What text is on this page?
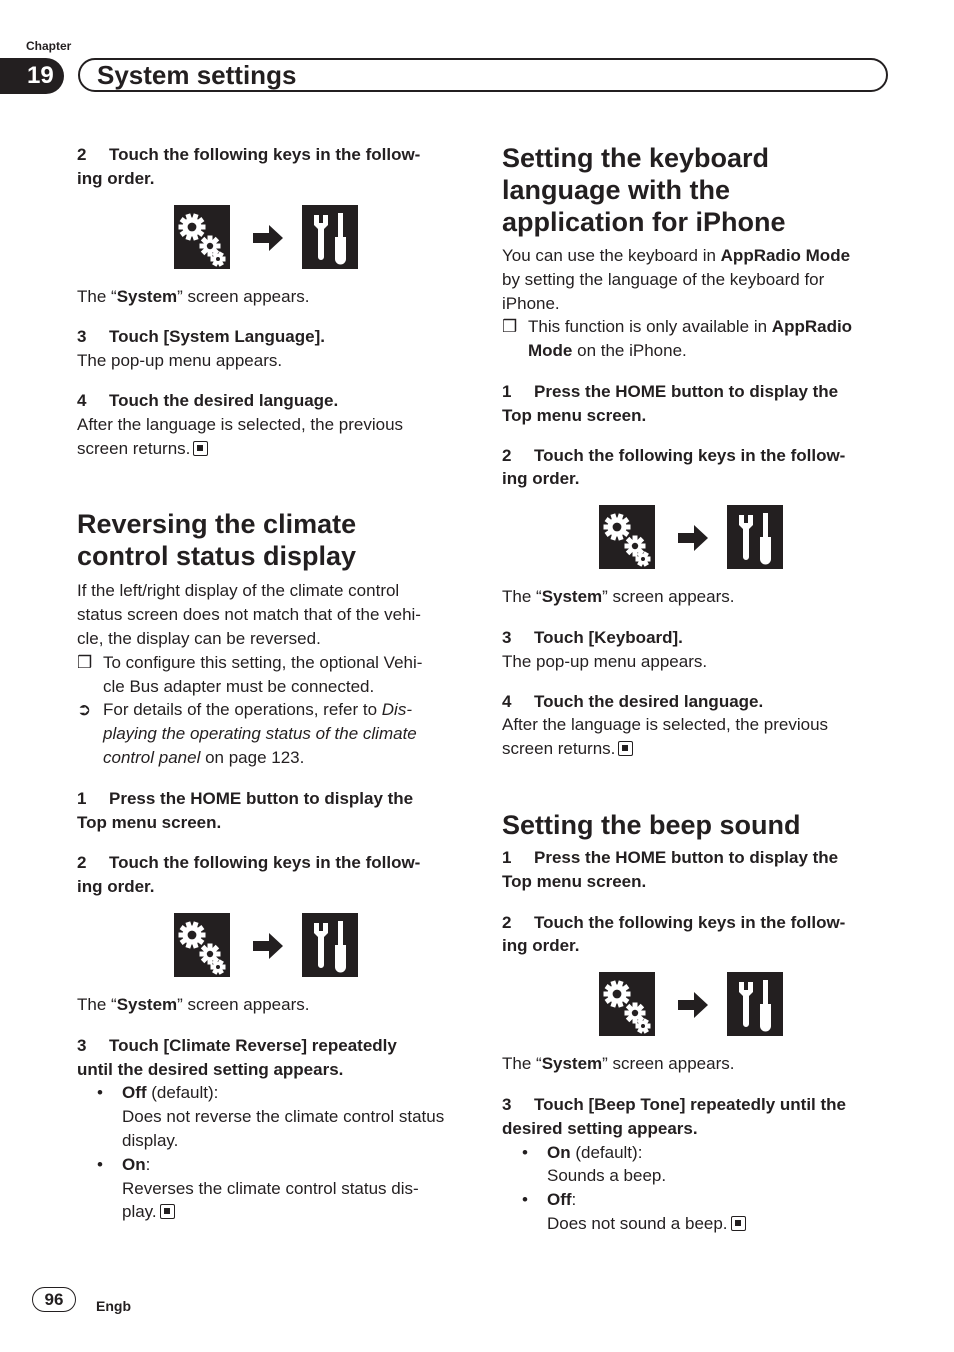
Chapter
19	System settings

2 Touch the following keys in the follow-
ing order.

The “System” screen appears.

3 Touch [System Language].

The pop-up menu appears.

4 Touch the desired language.

After the language is selected, the previous
screen returns.

Reversing the climate
control status display

If the left/right display of the climate control
status screen does not match that of the vehi-
cle, the display can be reversed.

❒ To configure this setting, the optional Vehi-
cle Bus adapter must be connected.

➲ For details of the operations, refer to Dis-
playing the operating status of the climate
control panel on page 123.

1 Press the HOME button to display the
Top menu screen.

2 Touch the following keys in the follow-
ing order.

The “System” screen appears.

3 Touch [Climate Reverse] repeatedly
until the desired setting appears.

• Off (default):
Does not reverse the climate control status
display.

• On:
Reverses the climate control status dis-
play.

Setting the keyboard
language with the
application for iPhone

You can use the keyboard in AppRadio Mode
by setting the language of the keyboard for
iPhone.

❒ This function is only available in AppRadio
Mode on the iPhone.

1 Press the HOME button to display the
Top menu screen.

2 Touch the following keys in the follow-
ing order.

The “System” screen appears.

3 Touch [Keyboard].

The pop-up menu appears.

4 Touch the desired language.

After the language is selected, the previous
screen returns.

Setting the beep sound

1 Press the HOME button to display the
Top menu screen.

2 Touch the following keys in the follow-
ing order.

The “System” screen appears.

3 Touch [Beep Tone] repeatedly until the
desired setting appears.

• On (default):
Sounds a beep.

• Off:
Does not sound a beep.

96	Engb
